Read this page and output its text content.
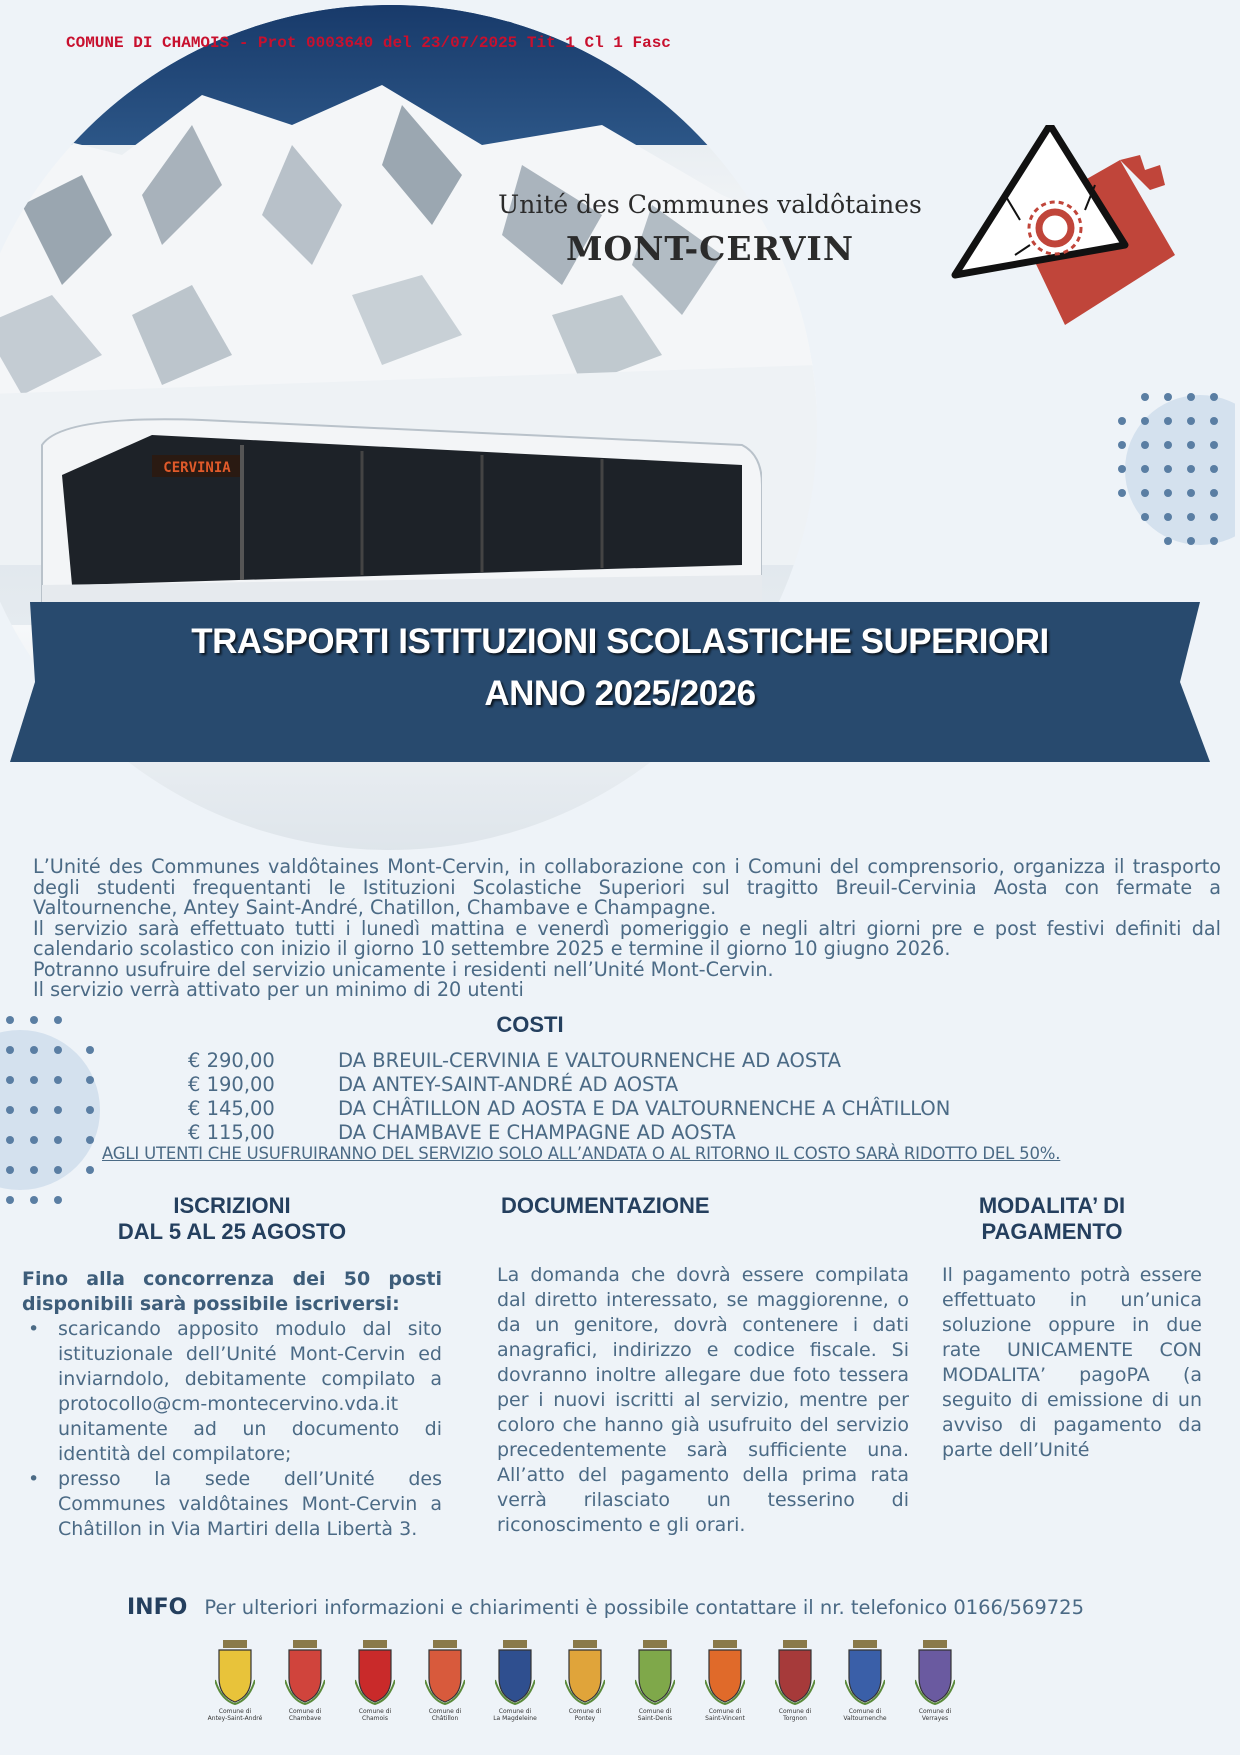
COMUNE DI CHAMOIS - Prot 0003640 del 23/07/2025 Tit 1 Cl 1 Fasc
CERVINIA
Unité des Communes valdôtaines
MONT-CERVIN
TRASPORTI ISTITUZIONI SCOLASTICHE SUPERIORI
ANNO 2025/2026

L’Unité des Communes valdôtaines Mont-Cervin, in collaborazione con i Comuni del comprensorio, organizza il trasporto degli studenti frequentanti le Istituzioni Scolastiche Superiori sul tragitto Breuil-Cervinia Aosta con fermate a Valtournenche, Antey Saint-André, Chatillon, Chambave e Champagne.

Il servizio sarà effettuato tutti i lunedì mattina e venerdì pomeriggio e negli altri giorni pre e post festivi definiti dal calendario scolastico con inizio il giorno 10 settembre 2025 e termine il giorno 10 giugno 2026.

Potranno usufruire del servizio unicamente i residenti nell’Unité Mont-Cervin.

Il servizio verrà attivato per un minimo di 20 utenti

COSTI
€ 290,00	DA BREUIL-CERVINIA E VALTOURNENCHE AD AOSTA
€ 190,00	DA ANTEY-SAINT-ANDRÉ AD AOSTA
€ 145,00	DA CHÂTILLON AD AOSTA E DA VALTOURNENCHE A CHÂTILLON
€ 115,00	DA CHAMBAVE E CHAMPAGNE AD AOSTA
AGLI UTENTI CHE USUFRUIRANNO DEL SERVIZIO SOLO ALL’ANDATA O AL RITORNO IL COSTO SARÀ RIDOTTO DEL 50%.
ISCRIZIONI
DAL 5 AL 25 AGOSTO
Fino alla concorrenza dei 50 posti disponibili sarà possibile iscriversi:
• scaricando apposito modulo dal sito istituzionale dell’Unité Mont-Cervin ed inviarndolo, debitamente compilato a protocollo@cm-montecervino.vda.it unitamente ad un documento di identità del compilatore;
• presso la sede dell’Unité des Communes valdôtaines Mont-Cervin a Châtillon in Via Martiri della Libertà 3.
DOCUMENTAZIONE
La domanda che dovrà essere compilata dal diretto interessato, se maggiorenne, o da un genitore, dovrà contenere i dati anagrafici, indirizzo e codice fiscale. Si dovranno inoltre allegare due foto tessera per i nuovi iscritti al servizio, mentre per coloro che hanno già usufruito del servizio precedentemente sarà sufficiente una. All’atto del pagamento della prima rata verrà rilasciato un tesserino di riconoscimento e gli orari.
MODALITA’ DI
PAGAMENTO
Il pagamento potrà essere effettuato in un’unica soluzione oppure in due rate UNICAMENTE CON MODALITA’ pagoPA (a seguito di emissione di un avviso di pagamento da parte dell’Unité
INFO Per ulteriori informazioni e chiarimenti è possibile contattare il nr. telefonico 0166/569725
Comune di
Antey-Saint-André
Comune di
Chambave
Comune di
Chamois
Comune di
Châtillon
Comune di
La Magdeleine
Comune di
Pontey
Comune di
Saint-Denis
Comune di
Saint-Vincent
Comune di
Torgnon
Comune di
Valtournenche
Comune di
Verrayes
